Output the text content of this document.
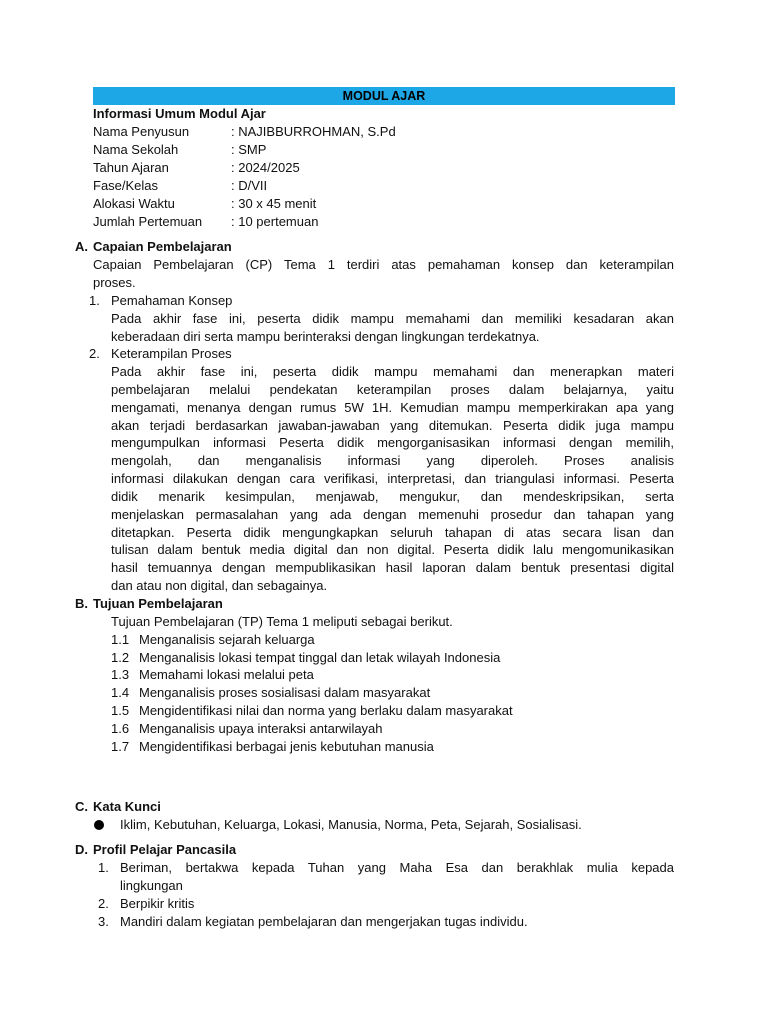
MODUL AJAR
Informasi Umum Modul Ajar
Nama Penyusun	: NAJIBBURROHMAN, S.Pd
Nama Sekolah	: SMP
Tahun Ajaran	: 2024/2025
Fase/Kelas	: D/VII
Alokasi Waktu	: 30 x 45 menit
Jumlah Pertemuan : 10 pertemuan
A. Capaian Pembelajaran
Capaian Pembelajaran (CP) Tema 1 terdiri atas pemahaman konsep dan keterampilan
proses.
1. Pemahaman Konsep
Pada akhir fase ini, peserta didik mampu memahami dan memiliki kesadaran akan
keberadaan diri serta mampu berinteraksi dengan lingkungan terdekatnya.
2. Keterampilan Proses
Pada akhir fase ini, peserta didik mampu memahami dan menerapkan materi
pembelajaran melalui pendekatan keterampilan proses dalam belajarnya, yaitu
mengamati, menanya dengan rumus 5W 1H. Kemudian mampu memperkirakan apa yang
akan terjadi berdasarkan jawaban-jawaban yang ditemukan. Peserta didik juga mampu
mengumpulkan informasi Peserta didik mengorganisasikan informasi dengan memilih,
mengolah, dan menganalisis informasi yang diperoleh. Proses analisis
informasi dilakukan dengan cara verifikasi, interpretasi, dan triangulasi informasi. Peserta
didik menarik kesimpulan, menjawab, mengukur, dan mendeskripsikan, serta
menjelaskan permasalahan yang ada dengan memenuhi prosedur dan tahapan yang
ditetapkan. Peserta didik mengungkapkan seluruh tahapan di atas secara lisan dan
tulisan dalam bentuk media digital dan non digital. Peserta didik lalu mengomunikasikan
hasil temuannya dengan mempublikasikan hasil laporan dalam bentuk presentasi digital
dan atau non digital, dan sebagainya.
B. Tujuan Pembelajaran
Tujuan Pembelajaran (TP) Tema 1 meliputi sebagai berikut.
1.1 Menganalisis sejarah keluarga
1.2 Menganalisis lokasi tempat tinggal dan letak wilayah Indonesia
1.3 Memahami lokasi melalui peta
1.4 Menganalisis proses sosialisasi dalam masyarakat
1.5 Mengidentifikasi nilai dan norma yang berlaku dalam masyarakat
1.6 Menganalisis upaya interaksi antarwilayah
1.7 Mengidentifikasi berbagai jenis kebutuhan manusia
C. Kata Kunci
Iklim, Kebutuhan, Keluarga, Lokasi, Manusia, Norma, Peta, Sejarah, Sosialisasi.
D. Profil Pelajar Pancasila
1. Beriman, bertakwa kepada Tuhan yang Maha Esa dan berakhlak mulia kepada
lingkungan
2. Berpikir kritis
3. Mandiri dalam kegiatan pembelajaran dan mengerjakan tugas individu.
